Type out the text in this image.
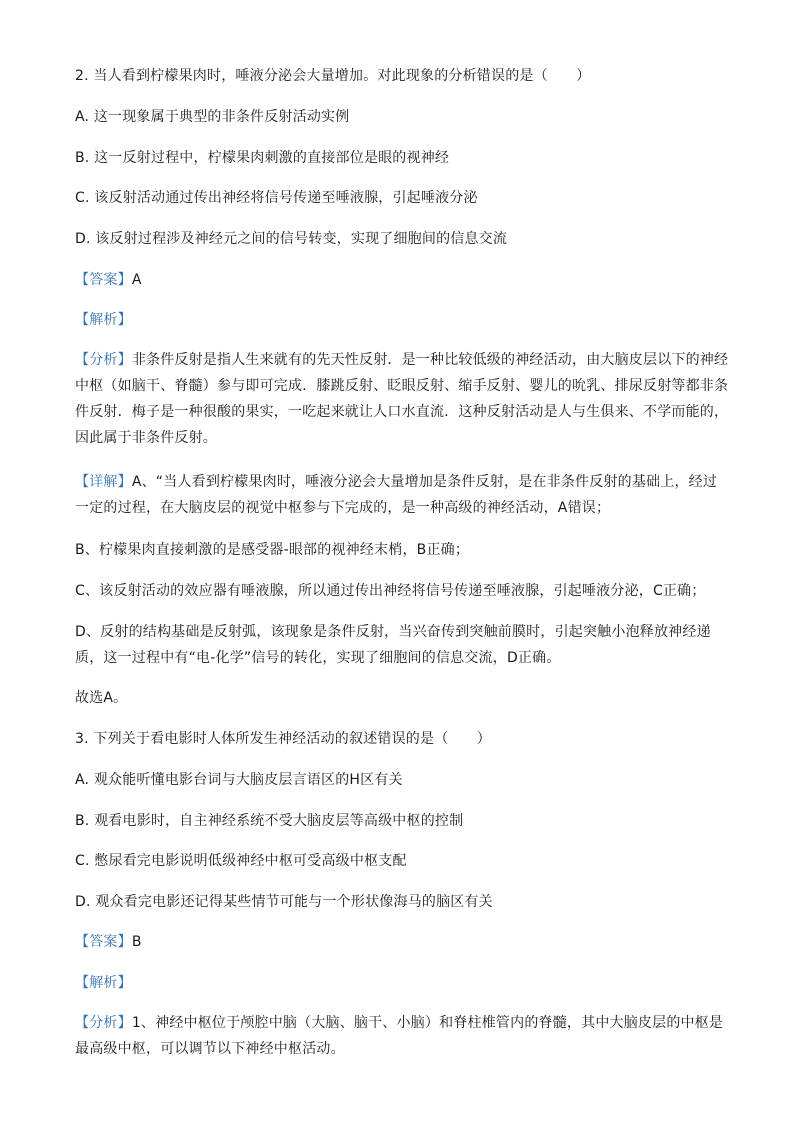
2. 当人看到柠檬果肉时，唾液分泌会大量增加。对此现象的分析错误的是（　　）
A. 这一现象属于典型的非条件反射活动实例
B. 这一反射过程中，柠檬果肉刺激的直接部位是眼的视神经
C. 该反射活动通过传出神经将信号传递至唾液腺，引起唾液分泌
D. 该反射过程涉及神经元之间的信号转变，实现了细胞间的信息交流
【答案】A
【解析】
【分析】非条件反射是指人生来就有的先天性反射．是一种比较低级的神经活动，由大脑皮层以下的神经
中枢（如脑干、脊髓）参与即可完成．膝跳反射、眨眼反射、缩手反射、婴儿的吮乳、排尿反射等都非条
件反射．梅子是一种很酸的果实，一吃起来就让人口水直流．这种反射活动是人与生俱来、不学而能的，
因此属于非条件反射。
【详解】A、“当人看到柠檬果肉时，唾液分泌会大量增加是条件反射，是在非条件反射的基础上，经过
一定的过程，在大脑皮层的视觉中枢参与下完成的，是一种高级的神经活动，A错误；
B、柠檬果肉直接刺激的是感受器-眼部的视神经末梢，B正确；
C、该反射活动的效应器有唾液腺，所以通过传出神经将信号传递至唾液腺，引起唾液分泌，C正确；
D、反射的结构基础是反射弧，该现象是条件反射，当兴奋传到突触前膜时，引起突触小泡释放神经递
质，这一过程中有“电-化学”信号的转化，实现了细胞间的信息交流，D正确。
故选A。
3. 下列关于看电影时人体所发生神经活动的叙述错误的是（　　）
A. 观众能听懂电影台词与大脑皮层言语区的H区有关
B. 观看电影时，自主神经系统不受大脑皮层等高级中枢的控制
C. 憋尿看完电影说明低级神经中枢可受高级中枢支配
D. 观众看完电影还记得某些情节可能与一个形状像海马的脑区有关
【答案】B
【解析】
【分析】1、神经中枢位于颅腔中脑（大脑、脑干、小脑）和脊柱椎管内的脊髓，其中大脑皮层的中枢是
最高级中枢，可以调节以下神经中枢活动。
